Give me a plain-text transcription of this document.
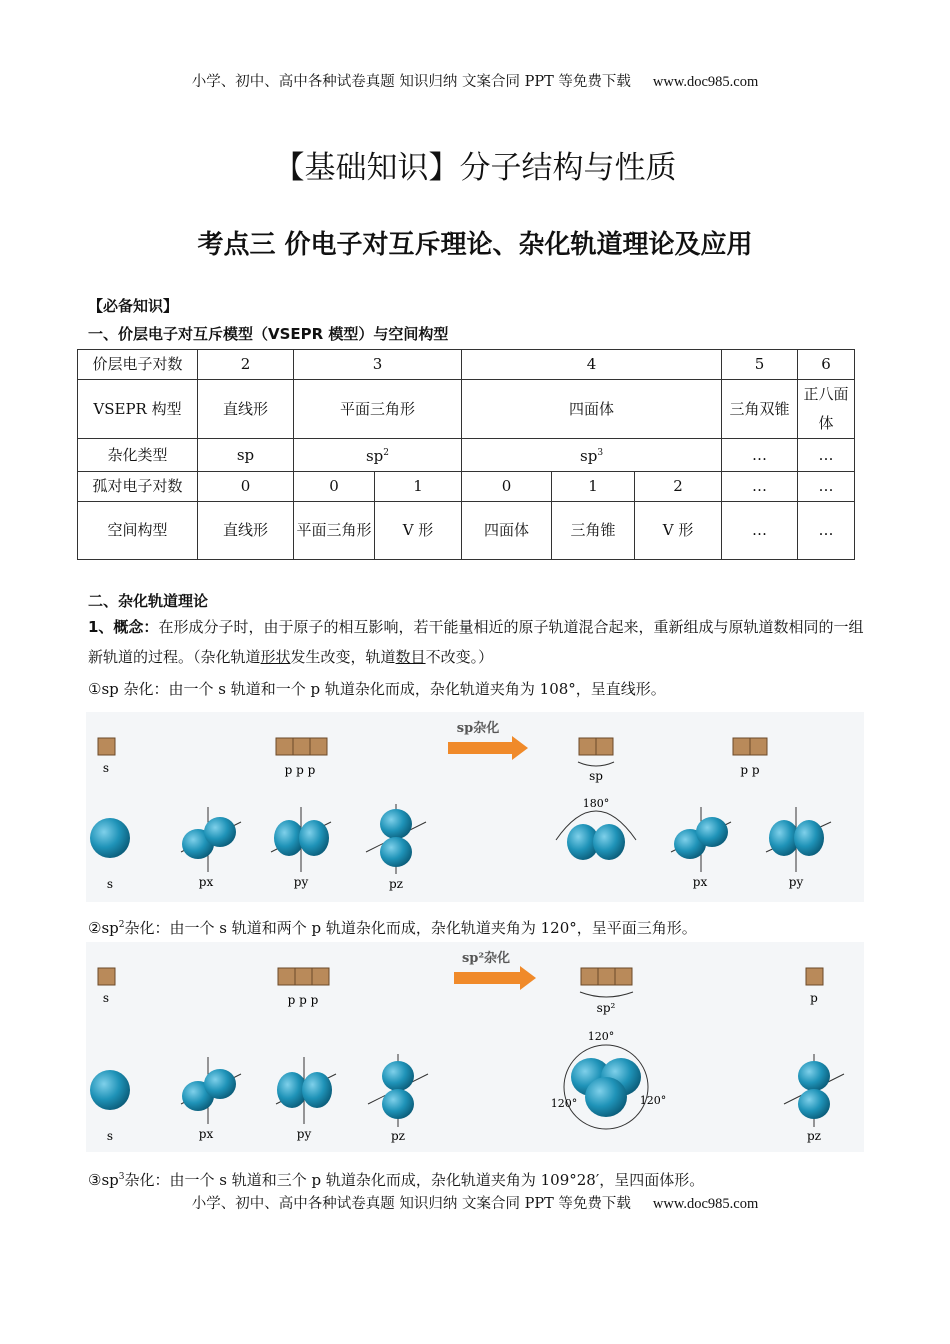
小学、初中、高中各种试卷真题 知识归纳 文案合同 PPT 等免费下载 www.doc985.com
【基础知识】分子结构与性质
考点三 价电子对互斥理论、杂化轨道理论及应用
【必备知识】
一、价层电子对互斥模型（VSEPR 模型）与空间构型
价层电子对数	2	3		4			5	6
VSEPR 构型	直线形	平面三角形		四面体			三角双锥	正八面体
杂化类型	sp	$sp^2$		$sp^3$			…	…
孤对电子对数	0	0	1	0	1	2	…	…
空间构型	直线形	平面三角形	V 形	四面体	三角锥	V 形	…	…
二、杂化轨道理论
1、概念：在形成分子时，由于原子的相互影响，若干能量相近的原子轨道混合起来，重新组成与原轨道数相同的一组新轨道的过程。（杂化轨道形状发生改变，轨道数目不改变。）
①sp 杂化：由一个 s 轨道和一个 p 轨道杂化而成，杂化轨道夹角为 108°，呈直线形。
s	p p p
sp杂化
sp	p p
s	px	py	pz
180°
px	py
$②sp^2$杂化：由一个 s 轨道和两个 p 轨道杂化而成，杂化轨道夹角为 120°，呈平面三角形。
s	p p p
sp²杂化
sp²
p
s	px	py	pz
120°
120°	120°
pz
$③sp^3$杂化：由一个 s 轨道和三个 p 轨道杂化而成，杂化轨道夹角为 109°28′，呈四面体形。
小学、初中、高中各种试卷真题 知识归纳 文案合同 PPT 等免费下载 www.doc985.com
